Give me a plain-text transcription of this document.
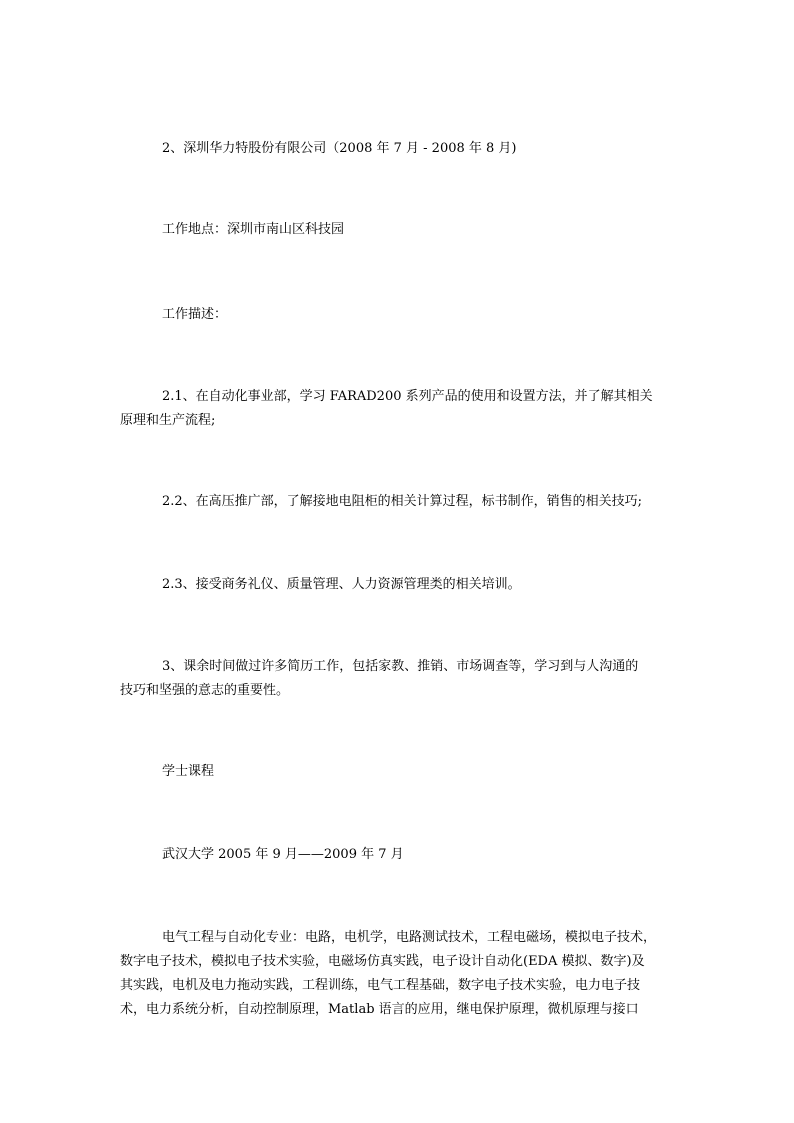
2、深圳华力特股份有限公司（2008 年 7 月 - 2008 年 8 月)

工作地点：深圳市南山区科技园

工作描述：

2.1、在自动化事业部，学习 FARAD200 系列产品的使用和设置方法，并了解其相关
原理和生产流程;

2.2、在高压推广部，了解接地电阻柜的相关计算过程，标书制作，销售的相关技巧;

2.3、接受商务礼仪、质量管理、人力资源管理类的相关培训。

3、课余时间做过许多简历工作，包括家教、推销、市场调查等，学习到与人沟通的
技巧和坚强的意志的重要性。

学士课程

武汉大学 2005 年 9 月——2009 年 7 月

电气工程与自动化专业：电路，电机学，电路测试技术，工程电磁场，模拟电子技术，
数字电子技术，模拟电子技术实验，电磁场仿真实践，电子设计自动化(EDA 模拟、数字)及
其实践，电机及电力拖动实践，工程训练，电气工程基础，数字电子技术实验，电力电子技
术，电力系统分析，自动控制原理，Matlab 语言的应用，继电保护原理，微机原理与接口
